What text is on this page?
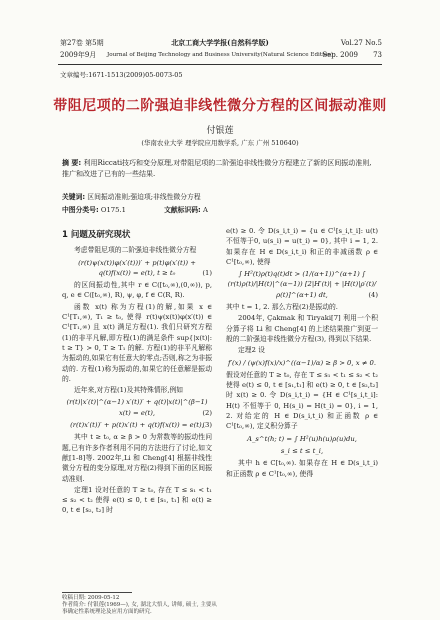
第27卷 第5期	北京工商大学学报(自然科学版)	Vol.27 No.5
2009年9月	Journal of Beijing Technology and Business University(Natural Science Edition)
Sep. 2009 73
文章编号:1671-1513(2009)05-0073-05
带阻尼项的二阶强迫非线性微分方程的区间振动准则
付银莲
(华南农业大学 理学院应用数学系, 广东 广州 510640)
摘 要: 利用Riccati技巧和变分原理,对带阻尼项的二阶强迫非线性微分方程建立了新的区间振动准则,推广和改进了已有的一些结果.
关键词: 区间振动准则;强迫项;非线性微分方程
中图分类号: O175.1	文献标识码: A
1 问题及研究现状

考虑带阻尼项的二阶强迫非线性微分方程

(r(t)ψ(x(t))φ(x′(t)))′ + p(t)φ(x′(t)) + q(t)f(x(t)) = e(t), t ≥ t₀	(1)

的区间振动性,其中 r ∈ C([t₀,∞),(0,∞)), p, q, e ∈ C([t₀,∞), R), ψ, φ, f ∈ C(R, R).

函数 x(t) 称为方程(1)的解,如果 x ∈ C¹[T₁,∞), T₁ ≥ t₀, 使得 r(t)ψ(x(t))φ(x′(t)) ∈ C¹[T₁,∞) 且 x(t) 满足方程(1). 我们只研究方程(1)的非平凡解,即方程(1)的满足条件 sup{|x(t)|: t ≥ T} > 0, T ≥ T₁ 的解. 方程(1)的非平凡解称为振动的,如果它有任意大的零点;否则,称之为非振动的. 方程(1)称为振动的,如果它的任意解是振动的.

近年来,对方程(1)及其特殊情形,例如

(r(t)|x′(t)|^(α−1) x′(t))′ + q(t)|x(t)|^(β−1) x(t) = e(t),	(2)

(r(t)x′(t))′ + p(t)x′(t) + q(t)f(x(t)) = e(t),
(3)

其中 t ≥ t₀, α ≥ β > 0 为常数等的振动性问题,已有许多作者利用不同的方法进行了讨论,如文献[1-8]等. 2002年,Li 和 Cheng[4] 根据非线性微分方程的变分原理,对方程(2)得到下面的区间振动准则.

定理1 设对任意的 T ≥ t₀, 存在 T ≤ s₁ < t₁ ≤ s₂ < t₂ 使得 e(t) ≤ 0, t ∈ [s₁, t₁] 和 e(t) ≥ 0, t ∈ [s₂, t₂] 时

e(t) ≥ 0. 令 D(s_i,t_i) = {u ∈ C¹[s_i,t_i]: u(t) 不恒等于0, u(s_i) = u(t_i) = 0}, 其中 i = 1, 2. 如果存在 H ∈ D(s_i,t_i) 和正的非减函数 ρ ∈ C¹[t₀,∞), 使得

∫ H²(t)ρ(t)q(t)dt > (1/(α+1))^(α+1) ∫ (r(t)ρ(t)/|H(t)|^(α−1)) [2|H′(t)| + |H(t)|ρ′(t)/ρ(t)]^(α+1) dt,	(4)

其中 t = 1, 2. 那么方程(2)是振动的.

2004年, Çakmak 和 Tiryaki[7] 利用一个积分算子将 Li 和 Cheng[4] 的上述结果推广到更一般的二阶强迫非线性微分方程(3), 得到以下结果.

定理2 设

f′(x) / (ψ(x)f(x)/x)^((α−1)/α) ≥ β > 0, x ≠ 0.

假设对任意的 T ≥ t₀, 存在 T ≤ s₁ < t₁ ≤ s₂ < t₂ 使得 e(t) ≤ 0, t ∈ [s₁,t₁] 和 e(t) ≥ 0, t ∈ [s₂,t₂] 时 x(t) ≥ 0. 令 D(s_i,t_i) = {H ∈ C¹[s_i,t_i]: H(t) 不恒等于 0, H(s_i) = H(t_i) = 0}, i = 1, 2. 对给定的 H ∈ D(s_i,t_i) 和正函数 ρ ∈ C¹[t₀,∞), 定义积分算子

A_s^t(h; t) = ∫ H²(u)h(u)ρ(u)du,

s_i ≤ t ≤ t_i,

其中 h ∈ C[t₀,∞). 如果存在 H ∈ D(s_i,t_i) 和正函数 ρ ∈ C¹[t₀,∞), 使得

收稿日期: 2009-05-12
作者简介: 付银莲(1969—), 女, 湖北大悟人, 讲师, 硕士, 主要从事确定性系统理论及应用方面的研究.
